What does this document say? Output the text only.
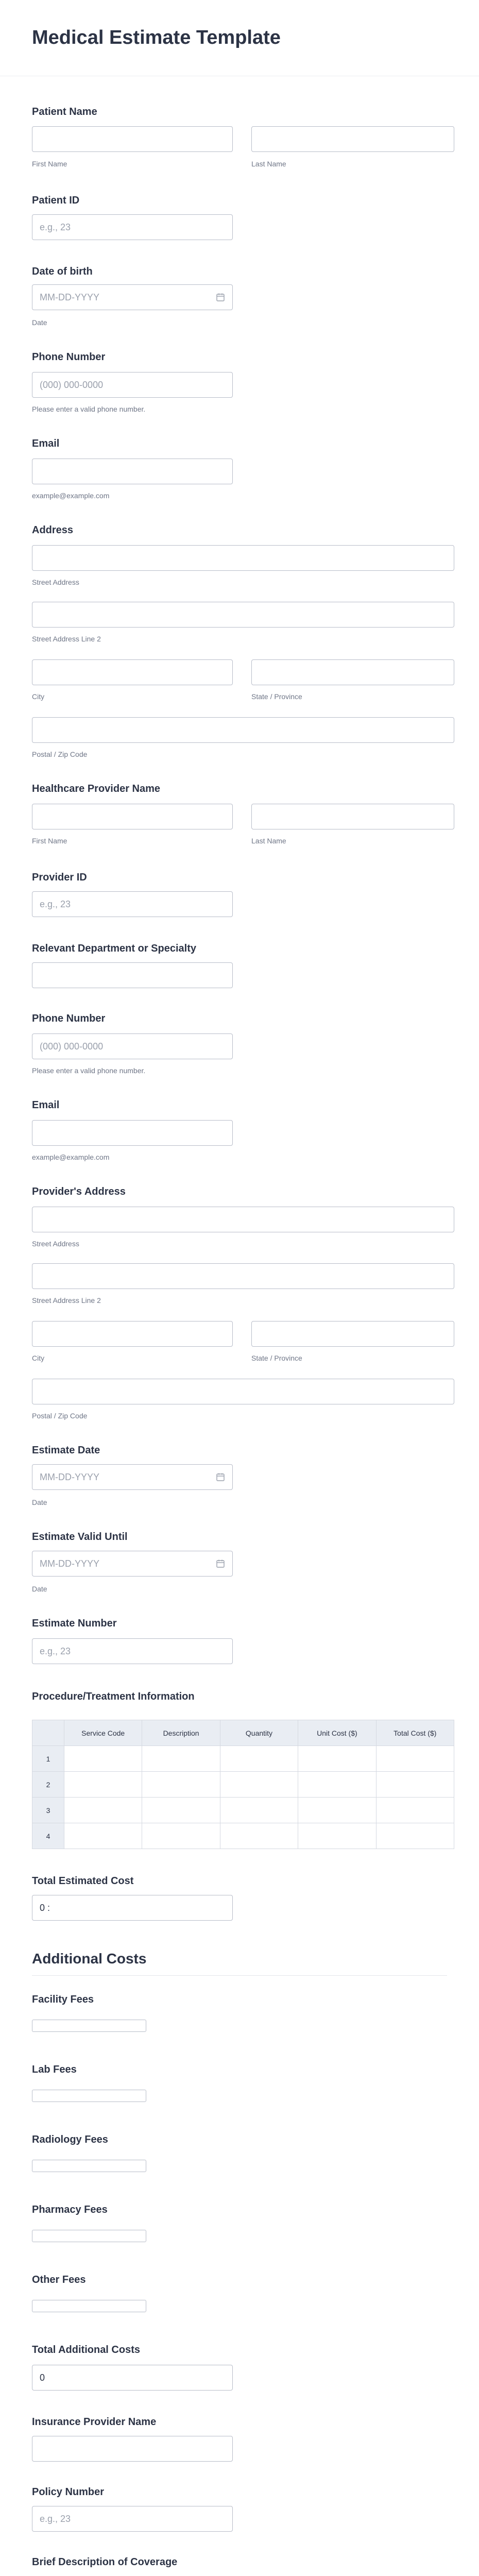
Medical Estimate Template
Patient Name
First Name	Last Name
Patient ID
e.g., 23
Date of birth
MM-DD-YYYY
Date
Phone Number
(000) 000-0000
Please enter a valid phone number.
Email
example@example.com
Address
Street Address
Street Address Line 2
City	State / Province
Postal / Zip Code
Healthcare Provider Name
First Name	Last Name
Provider ID
e.g., 23
Relevant Department or Specialty
Phone Number
(000) 000-0000
Please enter a valid phone number.
Email
example@example.com
Provider's Address
Street Address
Street Address Line 2
City	State / Province
Postal / Zip Code
Estimate Date
MM-DD-YYYY
Date
Estimate Valid Until
MM-DD-YYYY
Date
Estimate Number
e.g., 23
Procedure/Treatment Information
	Service Code	Description	Quantity	Unit Cost ($)	Total Cost ($)
1					
2					
3					
4					
Total Estimated Cost
0 :
Additional Costs
Facility Fees
Lab Fees
Radiology Fees
Pharmacy Fees
Other Fees
Total Additional Costs
0
Insurance Provider Name
Policy Number
e.g., 23
Brief Description of Coverage
